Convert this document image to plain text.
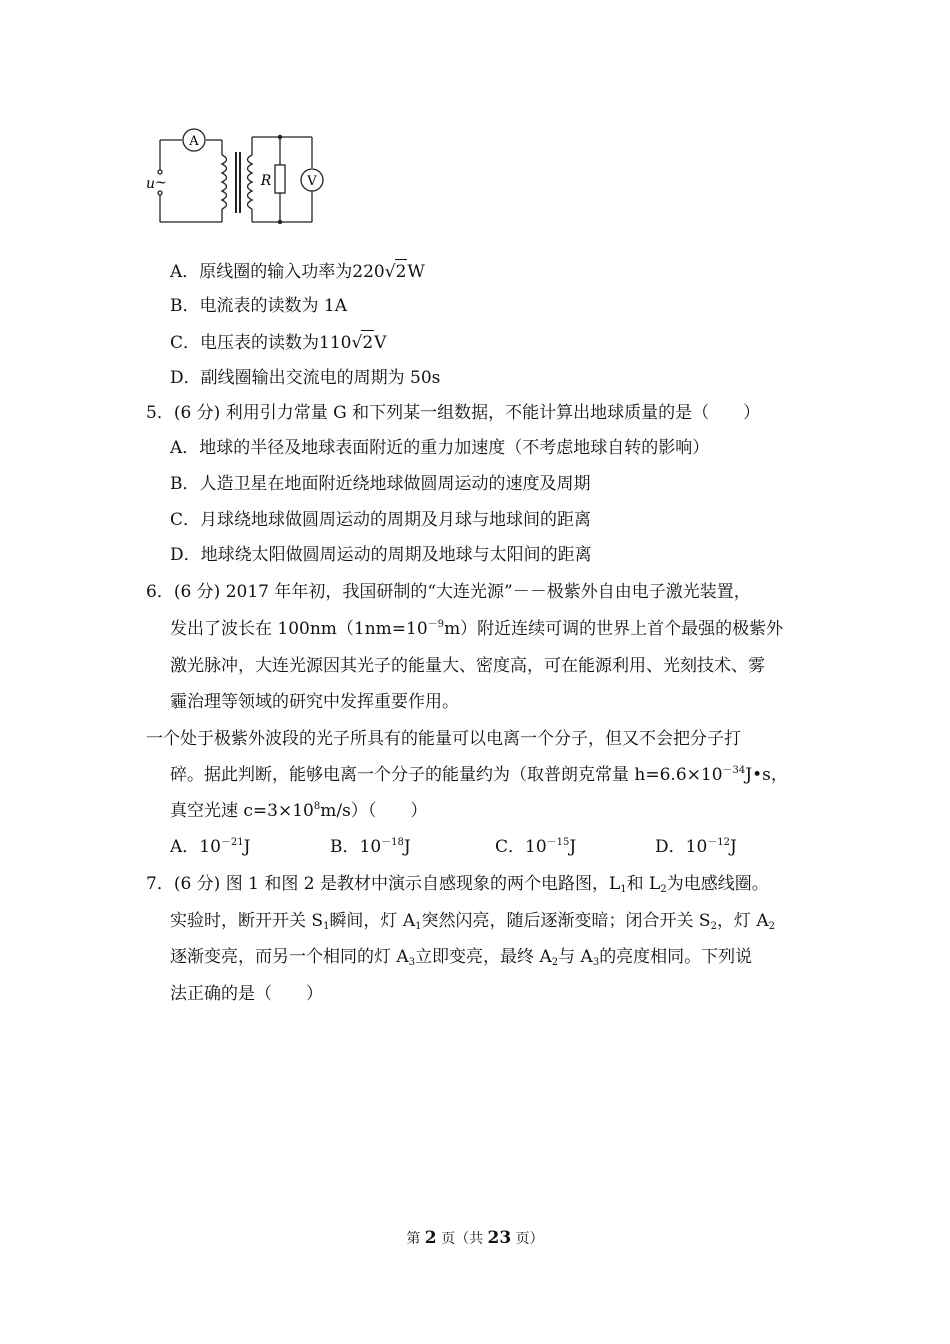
A
V
R
u ~
A．原线圈的输入功率为220√2W
B．电流表的读数为 1A
C．电压表的读数为110√2V
D．副线圈输出交流电的周期为 50s
5．(6 分) 利用引力常量 G 和下列某一组数据，不能计算出地球质量的是（　　）
A．地球的半径及地球表面附近的重力加速度（不考虑地球自转的影响）
B．人造卫星在地面附近绕地球做圆周运动的速度及周期
C．月球绕地球做圆周运动的周期及月球与地球间的距离
D．地球绕太阳做圆周运动的周期及地球与太阳间的距离
6．(6 分) 2017 年年初，我国研制的“大连光源”－－极紫外自由电子激光装置，
发出了波长在 $100nm(1nm=10^{-9}m)$附近连续可调的世界上首个最强的极紫外
激光脉冲，大连光源因其光子的能量大、密度高，可在能源利用、光刻技术、雾
霾治理等领域的研究中发挥重要作用。
一个处于极紫外波段的光子所具有的能量可以电离一个分子，但又不会把分子打
碎。据此判断，能够电离一个分子的能量约为（取普朗克常量 $h=6.6\times 10^{-34}J•s$，
真空光速 $c=3\times 10^8m/s$）（　　）
A．$10^{-21}J$	B．$10^{-18}J$	C．$10^{-15}J$	D．$10^{-12}J$
7．(6 分) 图 1 和图 2 是教材中演示自感现象的两个电路图，$L_1$和 $L_2$为电感线圈。
实验时，断开开关 $S_1$瞬间，灯 $A_1$突然闪亮，随后逐渐变暗；闭合开关 $S_2$，灯 $A_2$
逐渐变亮，而另一个相同的灯 $A_3$立即变亮，最终 $A_2$与 $A_3$的亮度相同。下列说
法正确的是（　　）
第 2 页（共 23 页）
